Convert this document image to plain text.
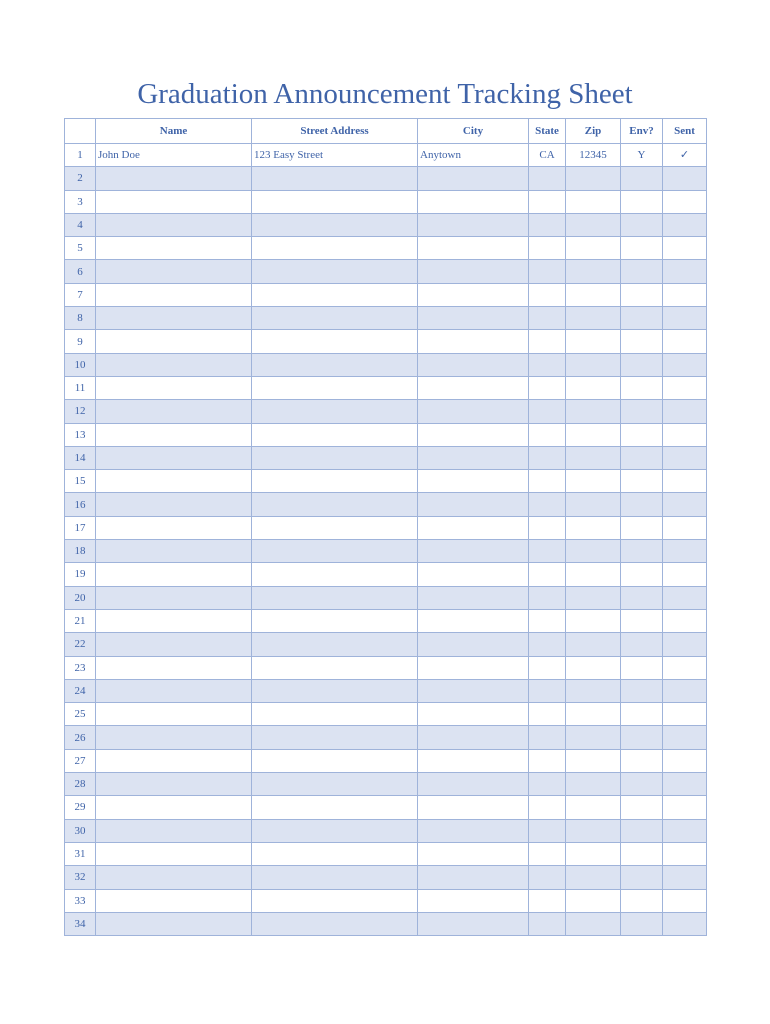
Graduation Announcement Tracking Sheet
	Name	Street Address	City	State	Zip	Env?	Sent
1	John Doe	123 Easy Street	Anytown	CA	12345	Y	✓
2							
3							
4							
5							
6							
7							
8							
9							
10							
11							
12							
13							
14							
15							
16							
17							
18							
19							
20							
21							
22							
23							
24							
25							
26							
27							
28							
29							
30							
31							
32							
33							
34							
